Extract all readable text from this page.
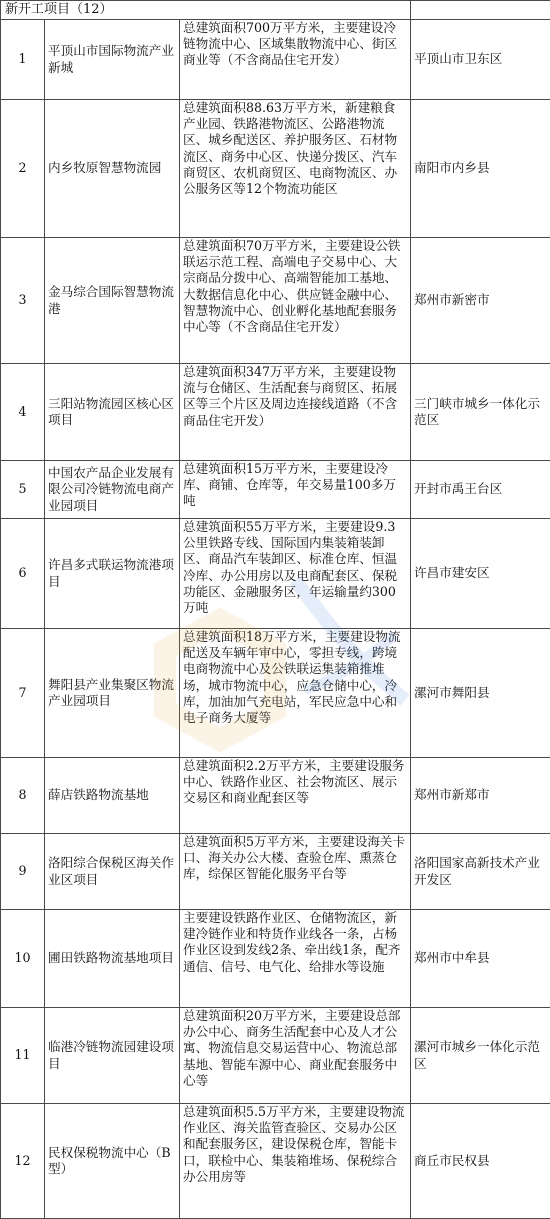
新开工项目（12）			
1	平顶山市国际物流产业新城	总建筑面积700万平方米，主要建设冷链物流中心、区域集散物流中心、街区商业等（不含商品住宅开发）	平顶山市卫东区
2	内乡牧原智慧物流园	总建筑面积88.63万平方米，新建粮食产业园、铁路港物流区、公路港物流区、城乡配送区、养护服务区、石材物流区、商务中心区、快递分拨区、汽车商贸区、农机商贸区、电商物流区、办公服务区等12个物流功能区	南阳市内乡县
3	金马综合国际智慧物流港	总建筑面积70万平方米，主要建设公铁联运示范工程、高端电子交易中心、大宗商品分拨中心、高端智能加工基地、大数据信息化中心、供应链金融中心、智慧物流中心、创业孵化基地配套服务中心等（不含商品住宅开发）	郑州市新密市
4	三阳站物流园区核心区项目	总建筑面积347万平方米，主要建设物流与仓储区、生活配套与商贸区、拓展区等三个片区及周边连接线道路（不含商品住宅开发）	三门峡市城乡一体化示范区
5	中国农产品企业发展有限公司冷链物流电商产业园项目	总建筑面积15万平方米，主要建设冷库、商铺、仓库等，年交易量100多万吨	开封市禹王台区
6	许昌多式联运物流港项目	总建筑面积55万平方米，主要建设9.3公里铁路专线、国际国内集装箱装卸区、商品汽车装卸区、标准仓库、恒温冷库、办公用房以及电商配套区、保税功能区、金融服务区，年运输量约300万吨	许昌市建安区
7	舞阳县产业集聚区物流产业园项目	总建筑面积18万平方米，主要建设物流配送及车辆年审中心，零担专线，跨境电商物流中心及公铁联运集装箱推堆场，城市物流中心，应急仓储中心，冷库，加油加气充电站，军民应急中心和电子商务大厦等	漯河市舞阳县
8	薛店铁路物流基地	总建筑面积2.2万平方米，主要建设服务中心、铁路作业区、社会物流区、展示交易区和商业配套区等	郑州市新郑市
9	洛阳综合保税区海关作业区项目	总建筑面积5万平方米，主要建设海关卡口、海关办公大楼、查验仓库、熏蒸仓库，综保区智能化服务平台等	洛阳国家高新技术产业开发区
10	圃田铁路物流基地项目	主要建设铁路作业区、仓储物流区，新建冷链作业和特货作业线各一条，占杨作业区设到发线2条、牵出线1条，配齐通信、信号、电气化、给排水等设施	郑州市中牟县
11	临港冷链物流园建设项目	总建筑面积20万平方米，主要建设总部办公中心、商务生活配套中心及人才公寓、物流信息交易运营中心、物流总部基地、智能车源中心、商业配套服务中心等	漯河市城乡一体化示范区
12	民权保税物流中心（B型）	总建筑面积5.5万平方米，主要建设物流作业区、海关监管查验区、交易办公区和配套服务区，建设保税仓库，智能卡口，联检中心、集装箱堆场、保税综合办公用房等	商丘市民权县
